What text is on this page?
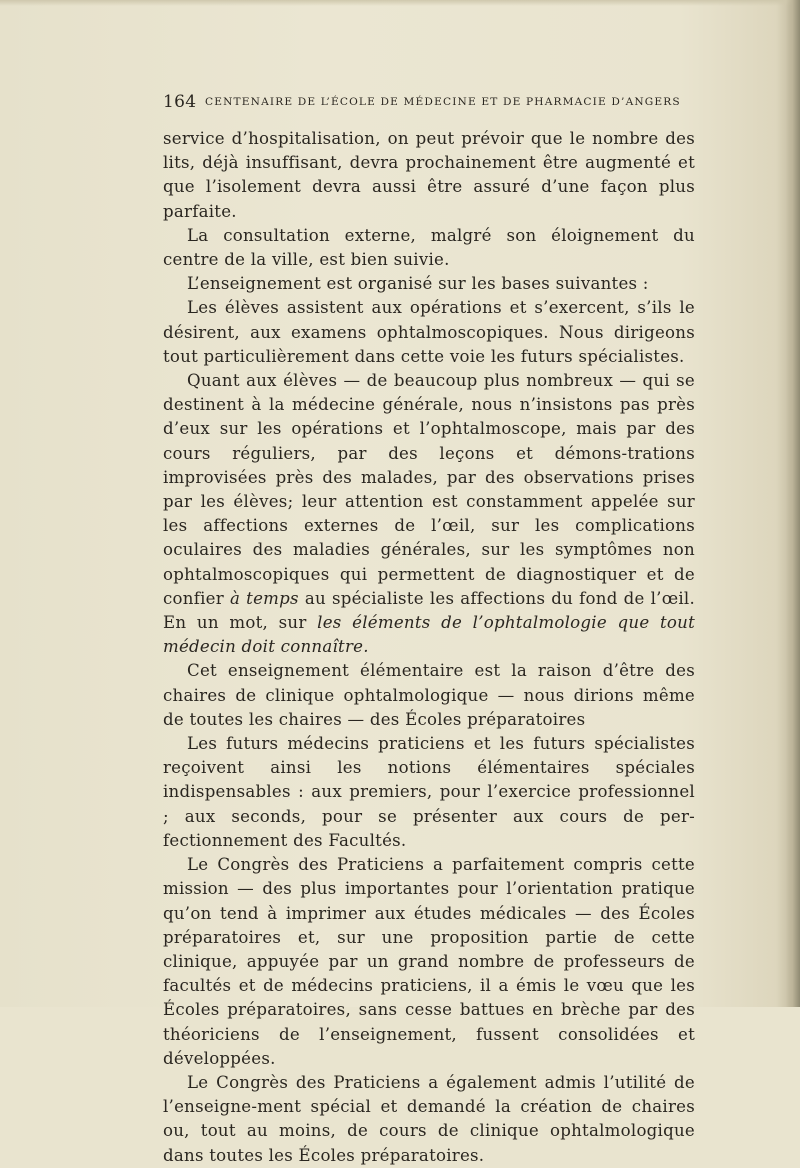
164 CENTENAIRE DE L’ÉCOLE DE MÉDECINE ET DE PHARMACIE D’ANGERS

service d’hospitalisation, on peut prévoir que le nombre des lits, déjà insuffisant, devra prochainement être augmenté et que l’isolement devra aussi être assuré d’une façon plus parfaite.

La consultation externe, malgré son éloignement du centre de la ville, est bien suivie.

L’enseignement est organisé sur les bases suivantes :

Les élèves assistent aux opérations et s’exercent, s’ils le désirent, aux examens ophtalmoscopiques. Nous dirigeons tout particulièrement dans cette voie les futurs spécialistes.

Quant aux élèves — de beaucoup plus nombreux — qui se destinent à la médecine générale, nous n’insistons pas près d’eux sur les opérations et l’ophtalmoscope, mais par des cours réguliers, par des leçons et démons-trations improvisées près des malades, par des observations prises par les élèves; leur attention est constamment appelée sur les affections externes de l’œil, sur les complications oculaires des maladies générales, sur les symptômes non ophtalmoscopiques qui permettent de diagnostiquer et de confier à temps au spécialiste les affections du fond de l’œil. En un mot, sur les éléments de l’ophtalmologie que tout médecin doit connaître.

Cet enseignement élémentaire est la raison d’être des chaires de clinique ophtalmologique — nous dirions même de toutes les chaires — des Écoles préparatoires

Les futurs médecins praticiens et les futurs spécialistes reçoivent ainsi les notions élémentaires spéciales indispensables : aux premiers, pour l’exercice professionnel ; aux seconds, pour se présenter aux cours de per-fectionnement des Facultés.

Le Congrès des Praticiens a parfaitement compris cette mission — des plus importantes pour l’orientation pratique qu’on tend à imprimer aux études médicales — des Écoles préparatoires et, sur une proposition partie de cette clinique, appuyée par un grand nombre de professeurs de facultés et de médecins praticiens, il a émis le vœu que les Écoles préparatoires, sans cesse battues en brèche par des théoriciens de l’enseignement, fussent consolidées et développées.

Le Congrès des Praticiens a également admis l’utilité de l’enseigne-ment spécial et demandé la création de chaires ou, tout au moins, de cours de clinique ophtalmologique dans toutes les Écoles préparatoires.
